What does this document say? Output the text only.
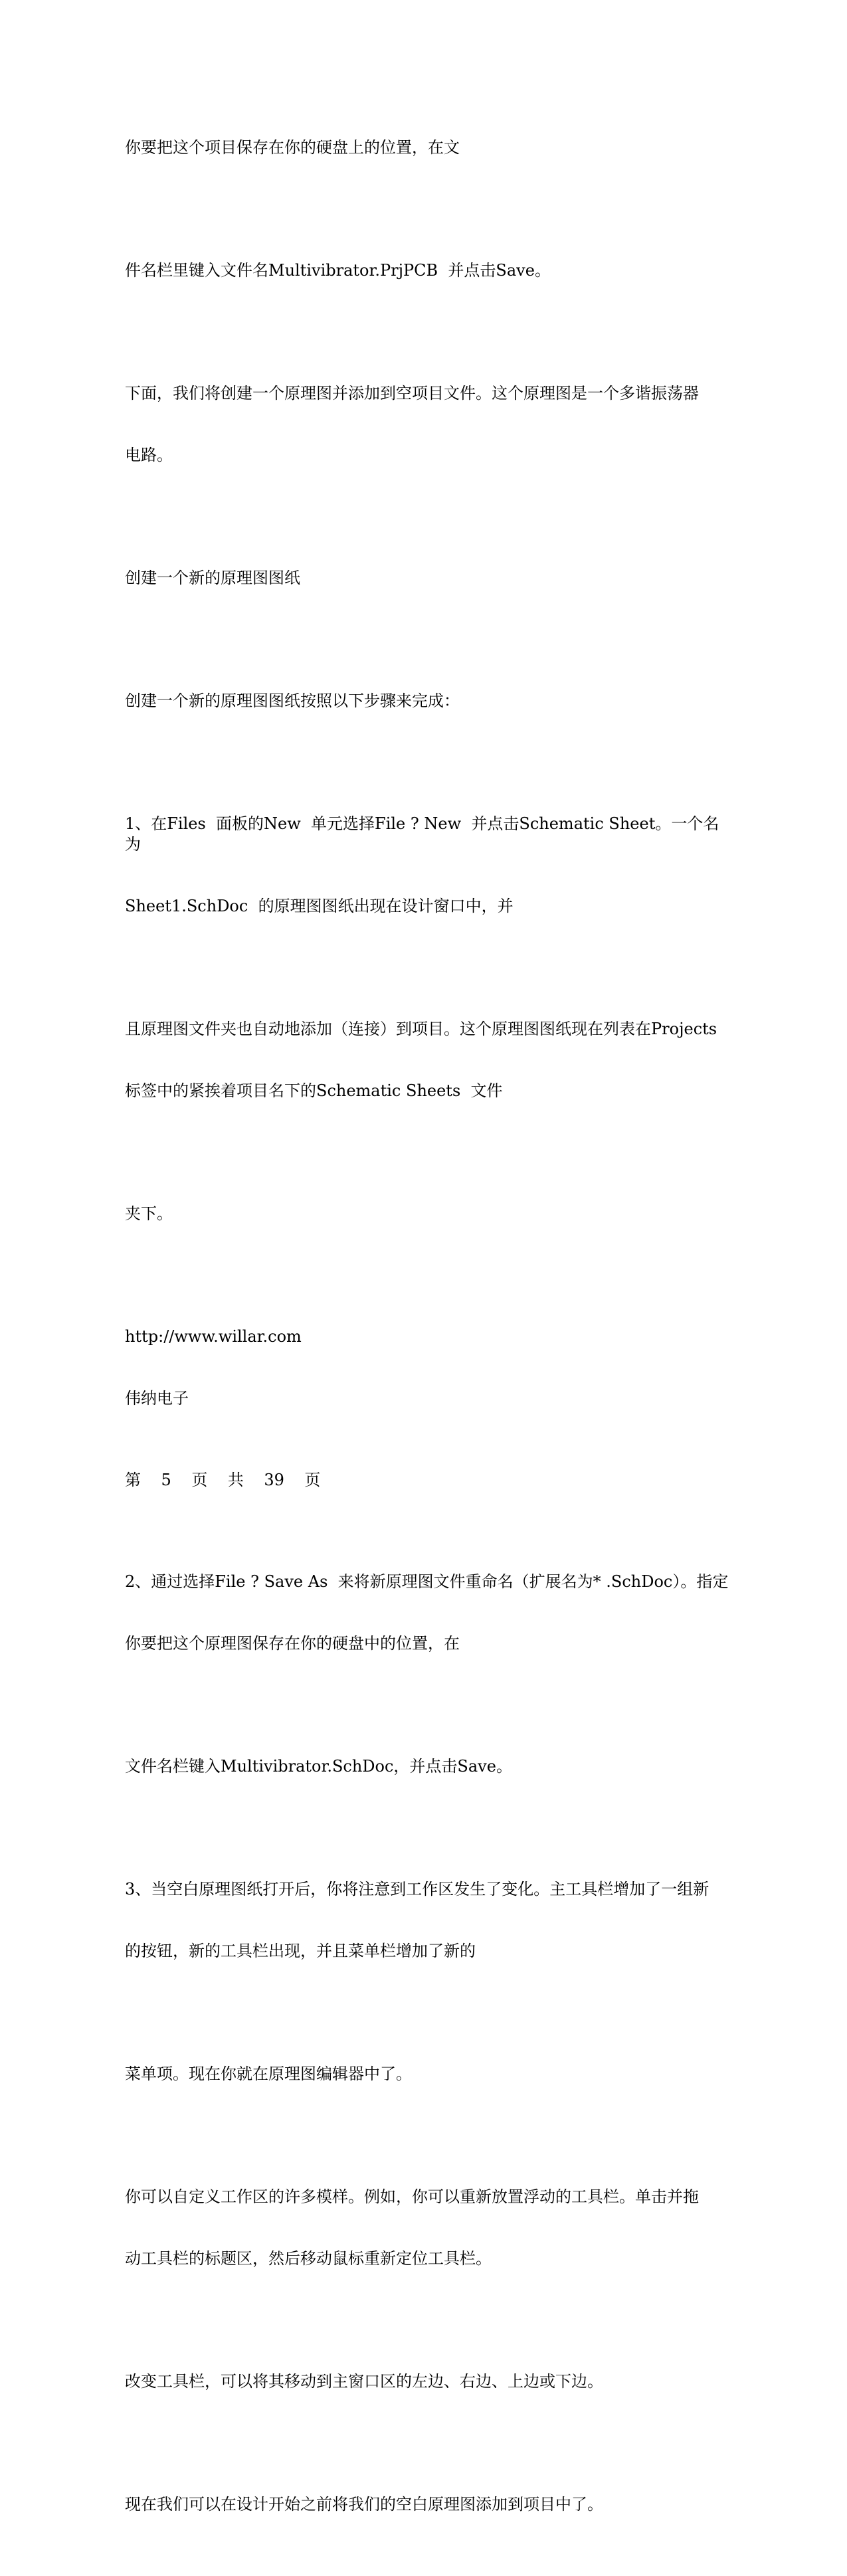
你要把这个项目保存在你的硬盘上的位置，在文

件名栏里键入文件名Multivibrator.PrjPCB  并点击Save。

下面，我们将创建一个原理图并添加到空项目文件。这个原理图是一个多谐振荡器

电路。

创建一个新的原理图图纸

创建一个新的原理图图纸按照以下步骤来完成：

1、在Files  面板的New  单元选择File ? New  并点击Schematic Sheet。一个名为

Sheet1.SchDoc  的原理图图纸出现在设计窗口中，并

且原理图文件夹也自动地添加（连接）到项目。这个原理图图纸现在列表在Projects

标签中的紧挨着项目名下的Schematic Sheets  文件

夹下。

http://www.willar.com

伟纳电子

第 5 页 共 39 页

2、通过选择File ? Save As  来将新原理图文件重命名（扩展名为* .SchDoc）。指定

你要把这个原理图保存在你的硬盘中的位置，在

文件名栏键入Multivibrator.SchDoc，并点击Save。

3、当空白原理图纸打开后，你将注意到工作区发生了变化。主工具栏增加了一组新

的按钮，新的工具栏出现，并且菜单栏增加了新的

菜单项。现在你就在原理图编辑器中了。

你可以自定义工作区的许多模样。例如，你可以重新放置浮动的工具栏。单击并拖

动工具栏的标题区，然后移动鼠标重新定位工具栏。

改变工具栏，可以将其移动到主窗口区的左边、右边、上边或下边。

现在我们可以在设计开始之前将我们的空白原理图添加到项目中了。
